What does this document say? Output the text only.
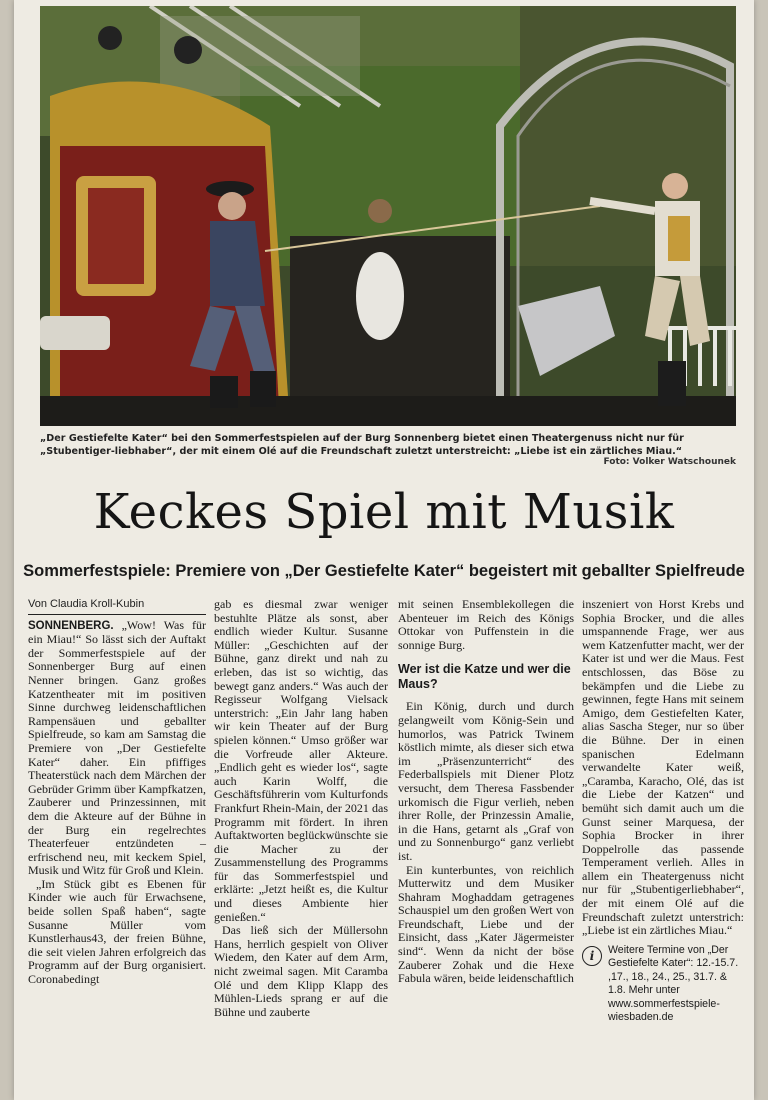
„Der Gestiefelte Kater“ bei den Sommerfestspielen auf der Burg Sonnenberg bietet einen Theatergenuss nicht nur für „Stubentiger-liebhaber“, der mit einem Olé auf die Freundschaft zuletzt unterstreicht: „Liebe ist ein zärtliches Miau.“
Foto: Volker Watschounek
Keckes Spiel mit Musik
Sommerfestspiele: Premiere von „Der Gestiefelte Kater“ begeistert mit geballter Spielfreude
Von Claudia Kroll-Kubin

SONNENBERG. „Wow! Was für ein Miau!“ So lässt sich der Auftakt der Sommerfestspiele auf der Sonnenberger Burg auf einen Nenner bringen. Ganz großes Katzentheater mit im positiven Sinne durchweg leidenschaftlichen Rampensäuen und geballter Spielfreude, so kam am Samstag die Premiere von „Der Gestiefelte Kater“ daher. Ein pfiffiges Theaterstück nach dem Märchen der Gebrüder Grimm über Kampfkatzen, Zauberer und Prinzessinnen, mit dem die Akteure auf der Bühne in der Burg ein regelrechtes Theaterfeuer entzündeten – erfrischend neu, mit keckem Spiel, Musik und Witz für Groß und Klein.

„Im Stück gibt es Ebenen für Kinder wie auch für Erwachsene, beide sollen Spaß haben“, sagte Susanne Müller vom Kunstlerhaus43, der freien Bühne, die seit vielen Jahren erfolgreich das Programm auf der Burg organisiert. Coronabedingt

gab es diesmal zwar weniger bestuhlte Plätze als sonst, aber endlich wieder Kultur. Susanne Müller: „Geschichten auf der Bühne, ganz direkt und nah zu erleben, das ist so wichtig, das bewegt ganz anders.“ Was auch der Regisseur Wolfgang Vielsack unterstrich: „Ein Jahr lang haben wir kein Theater auf der Burg spielen können.“ Umso größer war die Vorfreude aller Akteure. „Endlich geht es wieder los“, sagte auch Karin Wolff, die Geschäftsführerin vom Kulturfonds Frankfurt Rhein-Main, der 2021 das Programm mit fördert. In ihren Auftaktworten beglückwünschte sie die Macher zu der Zusammenstellung des Programms für das Sommerfestspiel und erklärte: „Jetzt heißt es, die Kultur und dieses Ambiente hier genießen.“

Das ließ sich der Müllersohn Hans, herrlich gespielt von Oliver Wiedem, den Kater auf dem Arm, nicht zweimal sagen. Mit Caramba Olé und dem Klipp Klapp des Mühlen-Lieds sprang er auf die Bühne und zauberte

mit seinen Ensemblekollegen die Abenteuer im Reich des Königs Ottokar von Puffenstein in die sonnige Burg.

Wer ist die Katze und wer die Maus?

Ein König, durch und durch gelangweilt vom König-Sein und humorlos, was Patrick Twinem köstlich mimte, als dieser sich etwa im „Präsenzunterricht“ des Federballspiels mit Diener Plotz versucht, dem Theresa Fassbender urkomisch die Figur verlieh, neben ihrer Rolle, der Prinzessin Amalie, in die Hans, getarnt als „Graf von und zu Sonnenburgo“ ganz verliebt ist.

Ein kunterbuntes, von reichlich Mutterwitz und dem Musiker Shahram Moghaddam getragenes Schauspiel um den großen Wert von Freundschaft, Liebe und der Einsicht, dass „Kater Jägermeister sind“. Wenn da nicht der böse Zauberer Zohak und die Hexe Fabula wären, beide leidenschaftlich

inszeniert von Horst Krebs und Sophia Brocker, und die alles umspannende Frage, wer aus wem Katzenfutter macht, wer der Kater ist und wer die Maus. Fest entschlossen, das Böse zu bekämpfen und die Liebe zu gewinnen, fegte Hans mit seinem Amigo, dem Gestiefelten Kater, alias Sascha Steger, nur so über die Bühne. Der in einen spanischen Edelmann verwandelte Kater weiß, „Caramba, Karacho, Olé, das ist die Liebe der Katzen“ und bemüht sich damit auch um die Gunst seiner Marquesa, der Sophia Brocker in ihrer Doppelrolle das passende Temperament verlieh. Alles in allem ein Theatergenuss nicht nur für „Stubentigerliebhaber“, der mit einem Olé auf die Freundschaft zuletzt unterstrich: „Liebe ist ein zärtliches Miau.“

i	Weitere Termine von „Der Gestiefelte Kater“: 12.-15.7. ,17., 18., 24., 25., 31.7. & 1.8. Mehr unter www.sommerfestspiele-wiesbaden.de
